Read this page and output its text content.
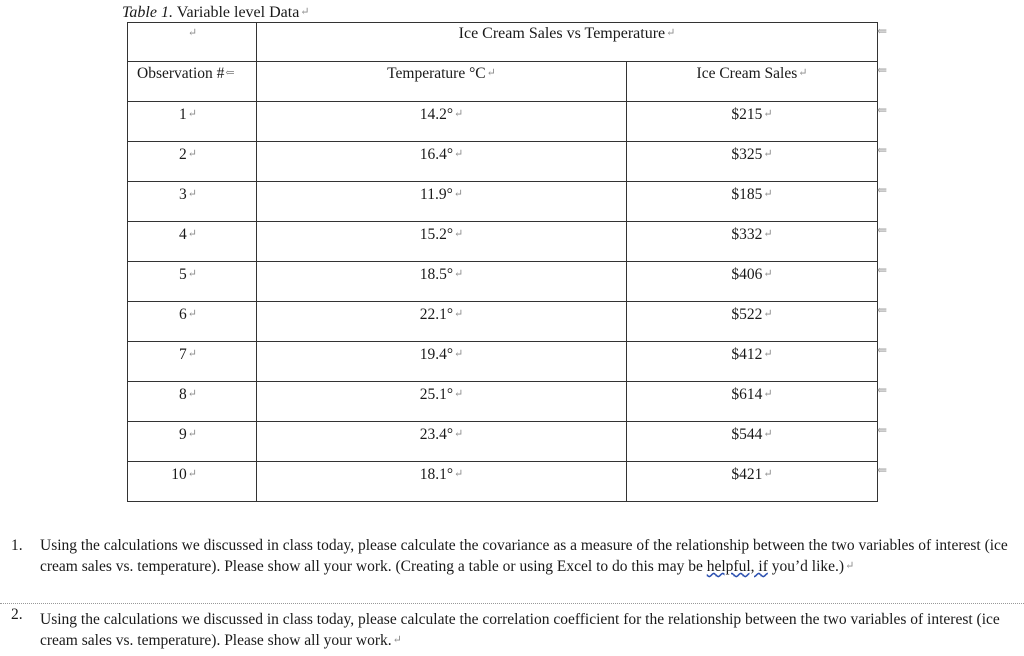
Table 1. Variable level Data↵
↵	Ice Cream Sales vs Temperature↵	
Observation #⇐	Temperature °C↵	Ice Cream Sales↵
1↵	14.2°↵	$215↵
2↵	16.4°↵	$325↵
3↵	11.9°↵	$185↵
4↵	15.2°↵	$332↵
5↵	18.5°↵	$406↵
6↵	22.1°↵	$522↵
7↵	19.4°↵	$412↵
8↵	25.1°↵	$614↵
9↵	23.4°↵	$544↵
10↵	18.1°↵	$421↵
⇐
⇐
⇐
⇐
⇐
⇐
⇐
⇐
⇐
⇐
⇐
⇐
1. Using the calculations we discussed in class today, please calculate the covariance as a measure of the relationship between the two variables of interest (ice cream sales vs. temperature). Please show all your work. (Creating a table or using Excel to do this may be helpful, if you’d like.)↵
2. Using the calculations we discussed in class today, please calculate the correlation coefficient for the relationship between the two variables of interest (ice cream sales vs. temperature). Please show all your work.↵
